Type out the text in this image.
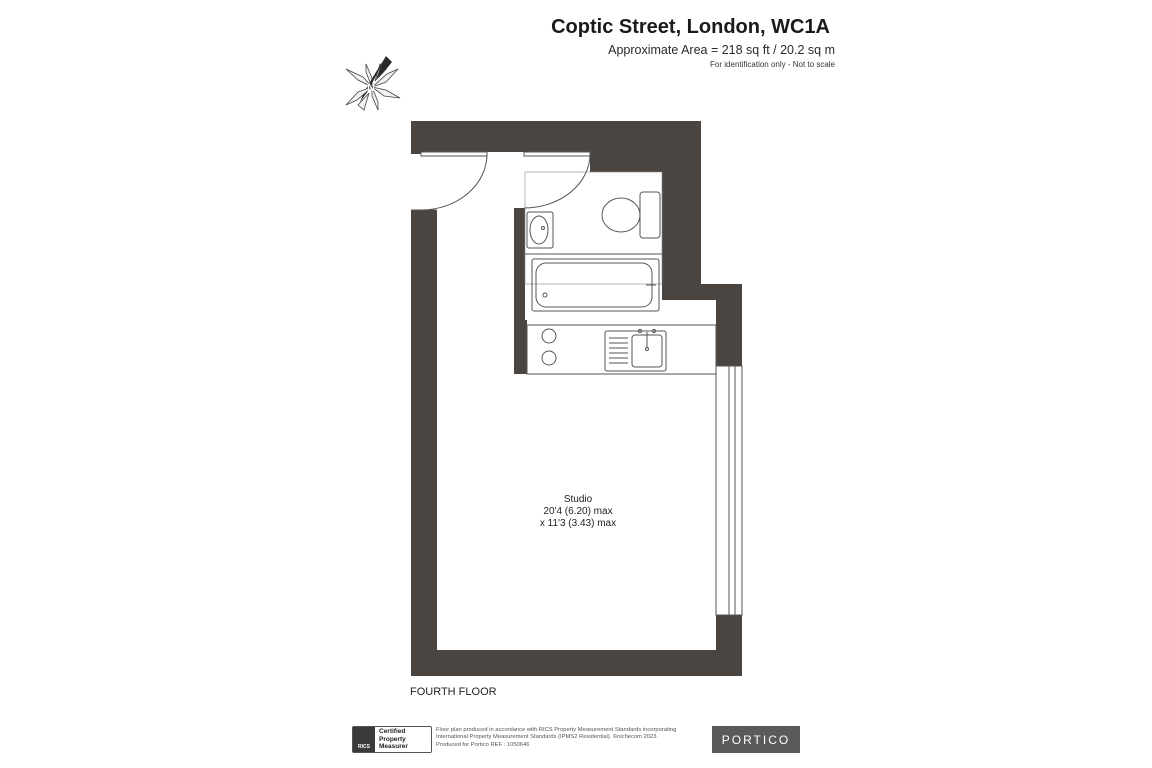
Coptic Street, London, WC1A
Approximate Area = 218 sq ft / 20.2 sq m
For identification only - Not to scale
N
Studio
20'4 (6.20) max
x 11'3 (3.43) max
FOURTH FLOOR
RICS
Certified
Property
Measurer
Floor plan produced in accordance with RICS Property Measurement Standards incorporating
International Property Measurement Standards (IPMS2 Residential). ©nichecom 2023.
Produced for Portico REF : 1050646	PORTICO
